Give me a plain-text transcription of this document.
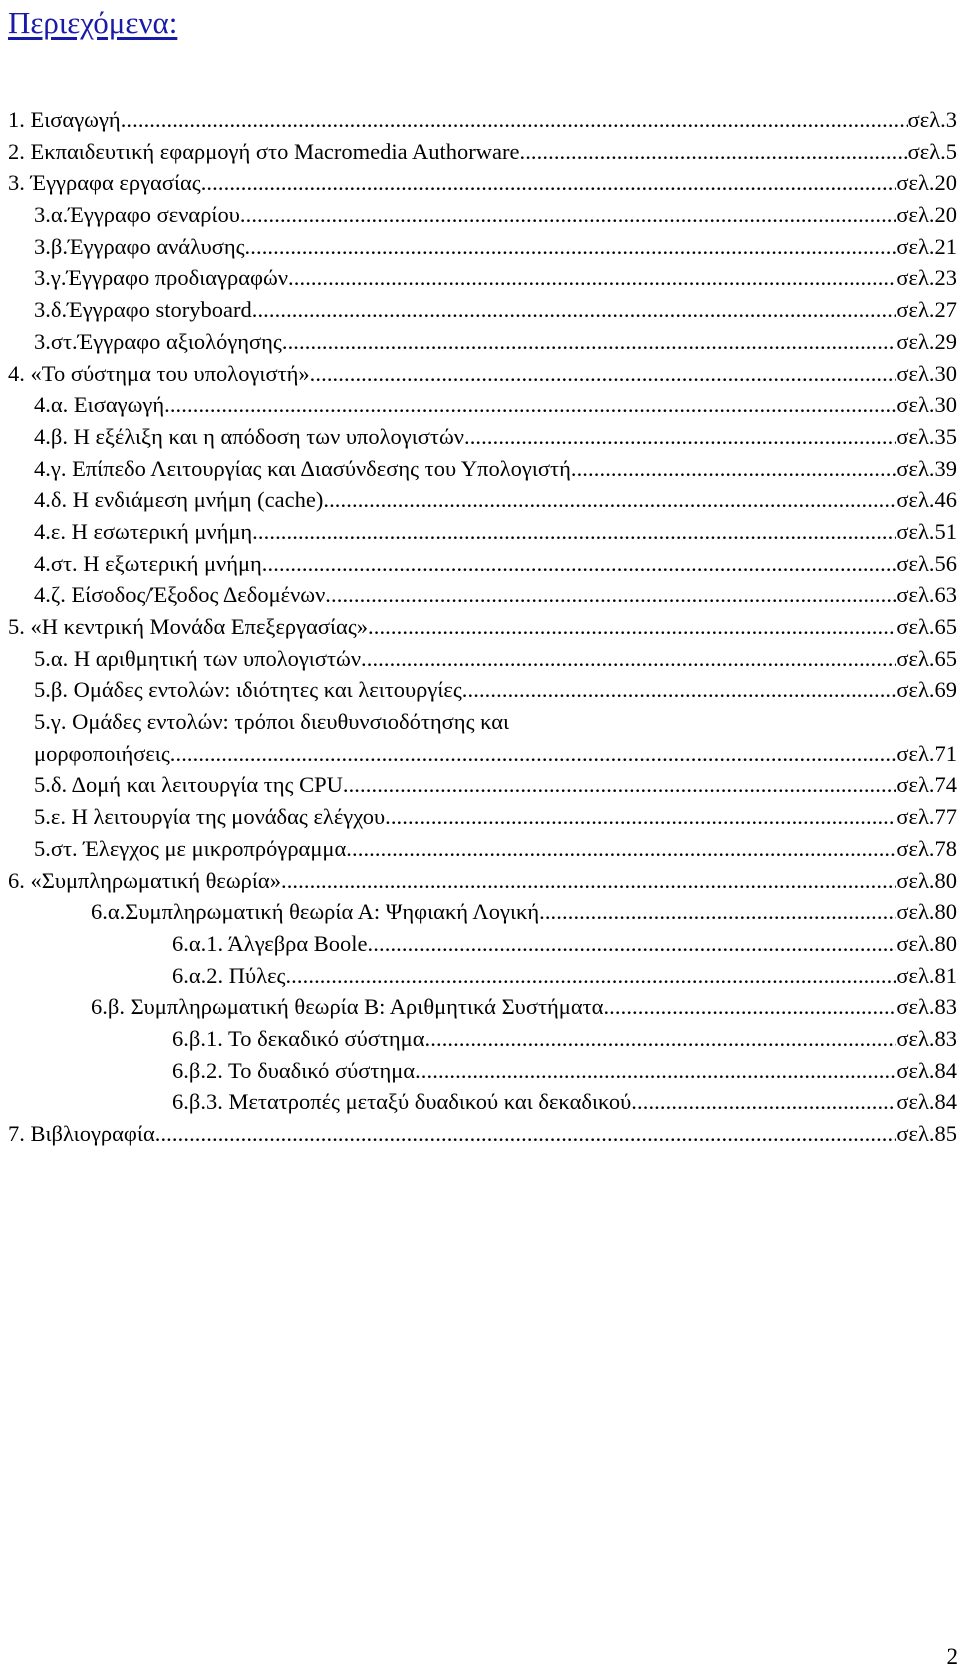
Περιεχόμενα:
1. Εισαγωγή .....	σελ.3
2. Εκπαιδευτική εφαρμογή στο Macromedia Authorware .....	σελ.5
3. Έγγραφα εργασίας .....	σελ.20
3.α.Έγγραφο σεναρίου .....	σελ.20
3.β.Έγγραφο ανάλυσης .....	σελ.21
3.γ.Έγγραφο προδιαγραφών .....	σελ.23
3.δ.Έγγραφο storyboard .....	σελ.27
3.στ.Έγγραφο αξιολόγησης .....	σελ.29
4. «Το σύστημα του υπολογιστή» .....	σελ.30
4.α. Εισαγωγή .....	σελ.30
4.β. Η εξέλιξη και η απόδοση των υπολογιστών .....	σελ.35
4.γ. Επίπεδο Λειτουργίας και Διασύνδεσης του Υπολογιστή .....	σελ.39
4.δ. Η ενδιάμεση μνήμη (cache) .....	σελ.46
4.ε. Η εσωτερική μνήμη .....	σελ.51
4.στ. Η εξωτερική μνήμη .....	σελ.56
4.ζ. Είσοδος/Έξοδος Δεδομένων .....	σελ.63
5. «Η κεντρική Μονάδα Επεξεργασίας» .....	σελ.65
5.α. Η αριθμητική των υπολογιστών .....	σελ.65
5.β. Ομάδες εντολών: ιδιότητες και λειτουργίες .....	σελ.69
5.γ. Ομάδες εντολών: τρόποι διευθυνσιοδότησης και
μορφοποιήσεις .....	σελ.71
5.δ. Δομή και λειτουργία της CPU .....	σελ.74
5.ε. Η λειτουργία της μονάδας ελέγχου .....	σελ.77
5.στ. Έλεγχος με μικροπρόγραμμα .....	σελ.78
6. «Συμπληρωματική θεωρία» .....	σελ.80
6.α.Συμπληρωματική θεωρία Α: Ψηφιακή Λογική .....	σελ.80
6.α.1. Άλγεβρα Boole .....	σελ.80
6.α.2. Πύλες .....	σελ.81
6.β. Συμπληρωματική θεωρία Β: Αριθμητικά Συστήματα .....	σελ.83
6.β.1. Το δεκαδικό σύστημα .....	σελ.83
6.β.2. Το δυαδικό σύστημα .....	σελ.84
6.β.3. Μετατροπές μεταξύ δυαδικού και δεκαδικού .....	σελ.84
7. Βιβλιογραφία .....	σελ.85
2
